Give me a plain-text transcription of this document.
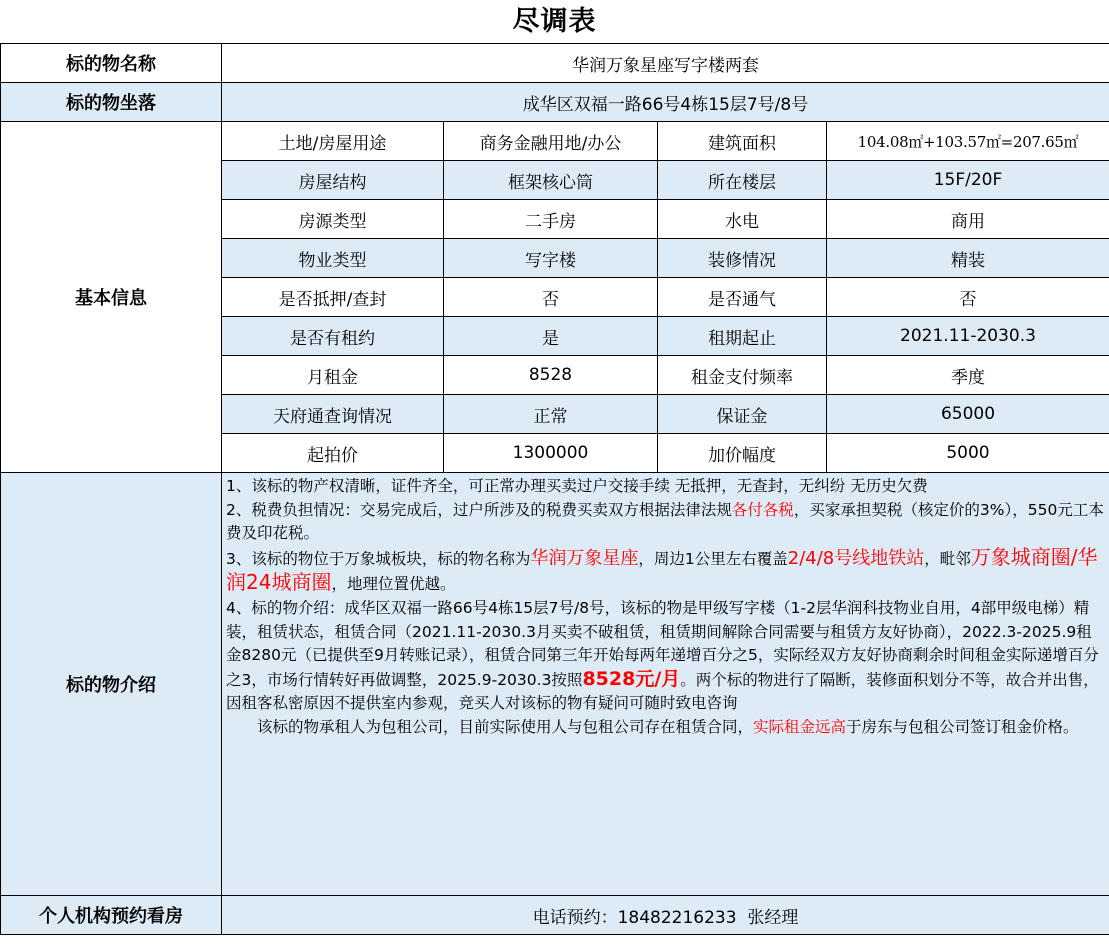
尽调表
标的物名称	华润万象星座写字楼两套			
标的物坐落	成华区双福一路66号4栋15层7号/8号			
基本信息	土地/房屋用途	商务金融用地/办公	建筑面积	104.08㎡+103.57㎡=207.65㎡
	房屋结构	框架核心筒	所在楼层	15F/20F
	房源类型	二手房	水电	商用
	物业类型	写字楼	装修情况	精装
	是否抵押/查封	否	是否通气	否
	是否有租约	是	租期起止	2021.11-2030.3
	月租金	8528	租金支付频率	季度
	天府通查询情况	正常	保证金	65000
	起拍价	1300000	加价幅度	5000
标的物介绍	1、该标的物产权清晰，证件齐全，可正常办理买卖过户交接手续 无抵押，无查封，无纠纷 无历史欠费

2、税费负担情况：交易完成后，过户所涉及的税费买卖双方根据法律法规各付各税，买家承担契税（核定价的3%），550元工本费及印花税。

3、该标的物位于万象城板块，标的物名称为华润万象星座，周边1公里左右覆盖2/4/8号线地铁站，毗邻万象城商圈/华润24城商圈，地理位置优越。

4、标的物介绍：成华区双福一路66号4栋15层7号/8号，该标的物是甲级写字楼（1-2层华润科技物业自用，4部甲级电梯）精装，租赁状态，租赁合同（2021.11-2030.3月买卖不破租赁，租赁期间解除合同需要与租赁方友好协商），2022.3-2025.9租金8280元（已提供至9月转账记录），租赁合同第三年开始每两年递增百分之5，实际经双方友好协商剩余时间租金实际递增百分之3，市场行情转好再做调整，2025.9-2030.3按照8528元/月。两个标的物进行了隔断，装修面积划分不等，故合并出售，因租客私密原因不提供室内参观，竞买人对该标的物有疑问可随时致电咨询

该标的物承租人为包租公司，目前实际使用人与包租公司存在租赁合同，实际租金远高于房东与包租公司签订租金价格。			

个人机构预约看房	电话预约：18482216233  张经理			
